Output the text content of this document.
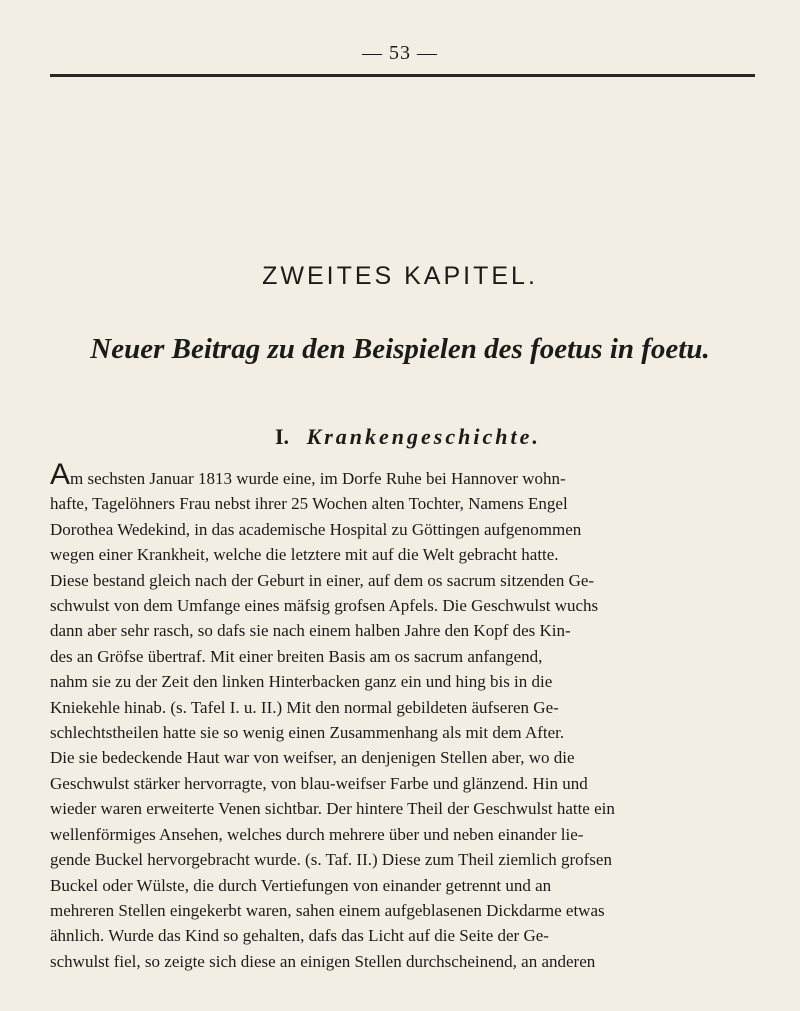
— 53 —
ZWEITES KAPITEL.
Neuer Beitrag zu den Beispielen des foetus in foetu.
I. Krankengeschichte.
Am sechsten Januar 1813 wurde eine, im Dorfe Ruhe bei Hannover wohn-
hafte, Tagelöhners Frau nebst ihrer 25 Wochen alten Tochter, Namens Engel
Dorothea Wedekind, in das academische Hospital zu Göttingen aufgenommen
wegen einer Krankheit, welche die letztere mit auf die Welt gebracht hatte.
Diese bestand gleich nach der Geburt in einer, auf dem os sacrum sitzenden Ge-
schwulst von dem Umfange eines mäfsig grofsen Apfels. Die Geschwulst wuchs
dann aber sehr rasch, so dafs sie nach einem halben Jahre den Kopf des Kin-
des an Gröfse übertraf. Mit einer breiten Basis am os sacrum anfangend,
nahm sie zu der Zeit den linken Hinterbacken ganz ein und hing bis in die
Kniekehle hinab. (s. Tafel I. u. II.) Mit den normal gebildeten äufseren Ge-
schlechtstheilen hatte sie so wenig einen Zusammenhang als mit dem After.
Die sie bedeckende Haut war von weifser, an denjenigen Stellen aber, wo die
Geschwulst stärker hervorragte, von blau-weifser Farbe und glänzend. Hin und
wieder waren erweiterte Venen sichtbar. Der hintere Theil der Geschwulst hatte ein
wellenförmiges Ansehen, welches durch mehrere über und neben einander lie-
gende Buckel hervorgebracht wurde. (s. Taf. II.) Diese zum Theil ziemlich grofsen
Buckel oder Wülste, die durch Vertiefungen von einander getrennt und an
mehreren Stellen eingekerbt waren, sahen einem aufgeblasenen Dickdarme etwas
ähnlich. Wurde das Kind so gehalten, dafs das Licht auf die Seite der Ge-
schwulst fiel, so zeigte sich diese an einigen Stellen durchscheinend, an anderen
